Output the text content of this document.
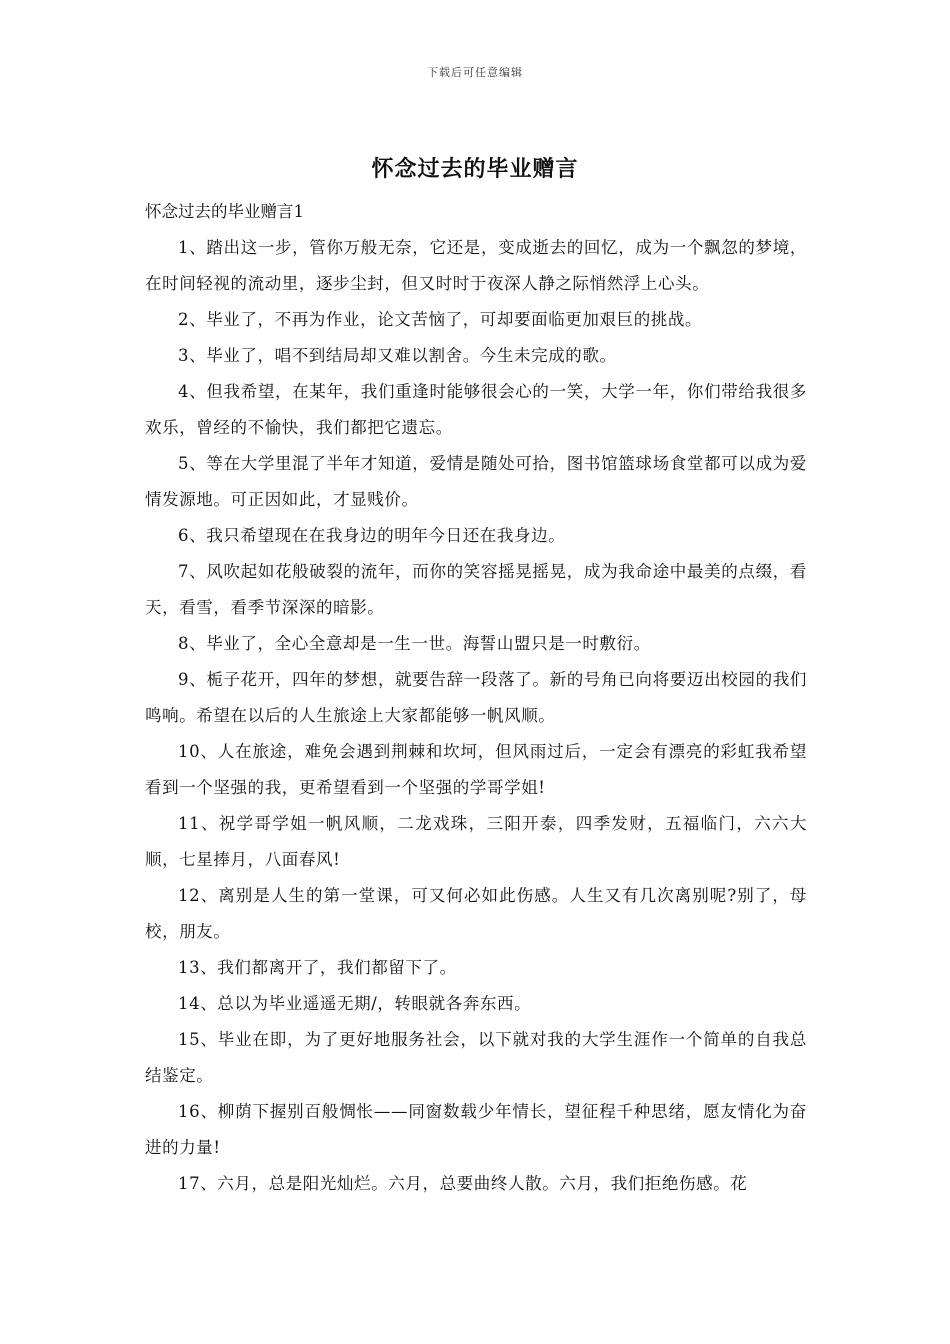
下载后可任意编辑
怀念过去的毕业赠言

怀念过去的毕业赠言1

1、踏出这一步，管你万般无奈，它还是，变成逝去的回忆，成为一个飘忽的梦境，在时间轻视的流动里，逐步尘封，但又时时于夜深人静之际悄然浮上心头。

2、毕业了，不再为作业，论文苦恼了，可却要面临更加艰巨的挑战。

3、毕业了，唱不到结局却又难以割舍。今生未完成的歌。

4、但我希望，在某年，我们重逢时能够很会心的一笑，大学一年，你们带给我很多欢乐，曾经的不愉快，我们都把它遗忘。

5、等在大学里混了半年才知道，爱情是随处可拾，图书馆篮球场食堂都可以成为爱情发源地。可正因如此，才显贱价。

6、我只希望现在在我身边的明年今日还在我身边。

7、风吹起如花般破裂的流年，而你的笑容摇晃摇晃，成为我命途中最美的点缀，看天，看雪，看季节深深的暗影。

8、毕业了，全心全意却是一生一世。海誓山盟只是一时敷衍。

9、栀子花开，四年的梦想，就要告辞一段落了。新的号角已向将要迈出校园的我们鸣响。希望在以后的人生旅途上大家都能够一帆风顺。

10、人在旅途，难免会遇到荆棘和坎坷，但风雨过后，一定会有漂亮的彩虹我希望看到一个坚强的我，更希望看到一个坚强的学哥学姐!

11、祝学哥学姐一帆风顺，二龙戏珠，三阳开泰，四季发财，五福临门，六六大顺，七星捧月，八面春风!

12、离别是人生的第一堂课，可又何必如此伤感。人生又有几次离别呢?别了，母校，朋友。

13、我们都离开了，我们都留下了。

14、总以为毕业遥遥无期/，转眼就各奔东西。

15、毕业在即，为了更好地服务社会，以下就对我的大学生涯作一个简单的自我总结鉴定。

16、柳荫下握别百般惆怅——同窗数载少年情长，望征程千种思绪，愿友情化为奋进的力量!

17、六月，总是阳光灿烂。六月，总要曲终人散。六月，我们拒绝伤感。花
